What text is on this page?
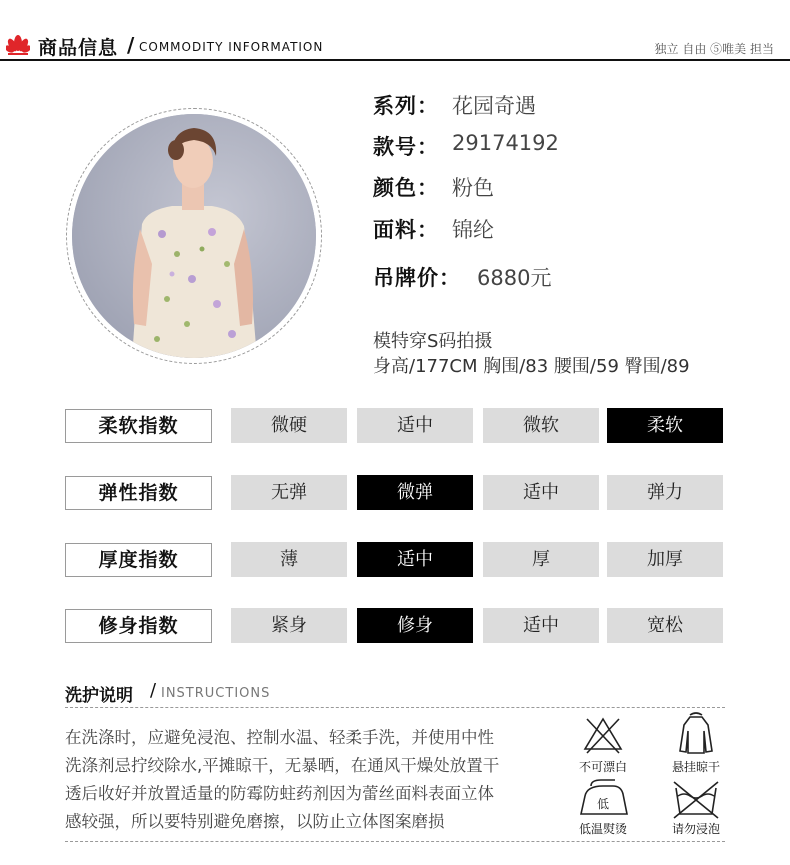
商品信息 / COMMODITY INFORMATION	独立 自由 ⑤唯美 担当
系列： 花园奇遇
款号： 29174192
颜色： 粉色
面料： 锦纶
吊牌价： 6880元
模特穿S码拍摄
身高/177CM 胸围/83 腰围/59 臀围/89
柔软指数	微硬	适中	微软	柔软
弹性指数	无弹	微弹	适中	弹力
厚度指数	薄	适中	厚	加厚
修身指数	紧身	修身	适中	宽松
洗护说明 / INSTRUCTIONS
在洗涤时，应避免浸泡、控制水温、轻柔手洗，并使用中性
洗涤剂忌拧绞除水,平摊晾干，无暴晒，在通风干燥处放置干
透后收好并放置适量的防霉防蛀药剂因为蕾丝面料表面立体
感较强，所以要特别避免磨擦，以防止立体图案磨损
不可漂白	悬挂晾干
低
低温熨烫	请勿浸泡
